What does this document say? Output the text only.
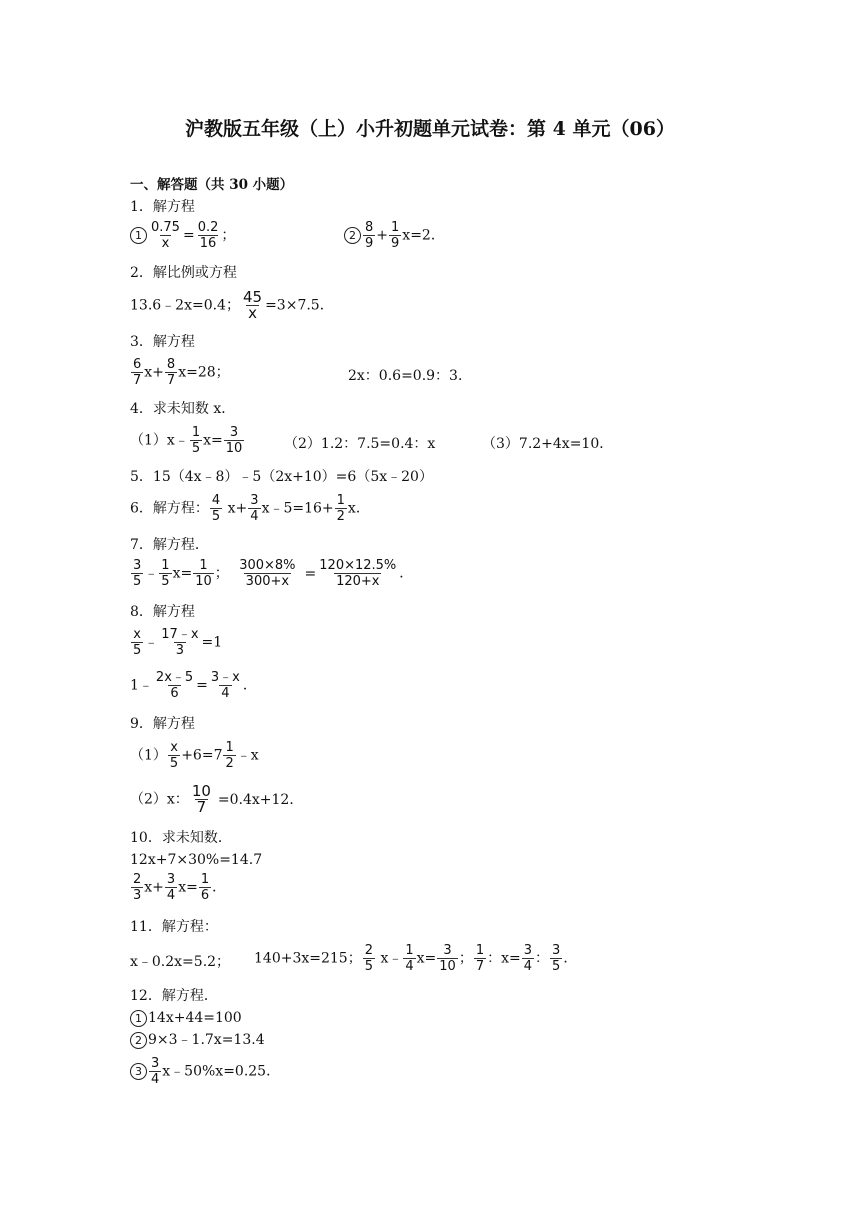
沪教版五年级（上）小升初题单元试卷：第 4 单元（06）
一、解答题（共 30 小题）
1．解方程
$1 \frac{0.75}{x} = \frac{0.2}{16}$ ；	$2 \frac{8}{9} + \frac{1}{9} x=2$．
2．解比例或方程
13.6﹣2x=0.4； $\frac{45}{x} =3\times 7.5$．
3．解方程
$\frac{6}{7} x+ \frac{8}{7} x=28$；	2x：0.6=0.9：3．
4．求未知数 x．
（1）x﹣ $\frac{1}{5} x= \frac{3}{10}$	（2）1.2：7.5=0.4：x	（3）7.2+4x=10．
5．15（4x﹣8）﹣5（2x+10）=6（5x﹣20）
6．解方程： $\frac{4}{5} x+ \frac{3}{4}$ x﹣5=16+ $\frac{1}{2}$ x．
7．解方程．
$\frac{3}{5}$ ﹣ $\frac{1}{5} x= \frac{1}{10}$ ； $\frac{300\times 8\%}{300+x} = \frac{120\times 12.5\%}{120+x}$ ．
8．解方程
$\frac{x}{5}$ ﹣ $\frac{17﹣x}{3} =1$
1﹣ $\frac{2x﹣5}{6} = \frac{3﹣x}{4}$ ．
9．解方程
$(1) \frac{x}{5} +6=7 \frac{1}{2}$ ﹣x
（2）x： $\frac{10}{7} =0.4x+12$．
10．求未知数．
12x+7×30%=14.7
$\frac{2}{3} x+ \frac{3}{4} x= \frac{1}{6}$ ．
11．解方程：
x﹣0.2x=5.2； 140+3x=215； $\frac{2}{5}$ x﹣ $\frac{1}{4} x= \frac{3}{10}$ ； $\frac{1}{7}$ ：$x= \frac{3}{4}$ ： $\frac{3}{5}$ ．
12．解方程．
1 14x+44=100
2 9×3﹣1.7x=13.4
$3 \frac{3}{4}$ x﹣50%x=0.25．
